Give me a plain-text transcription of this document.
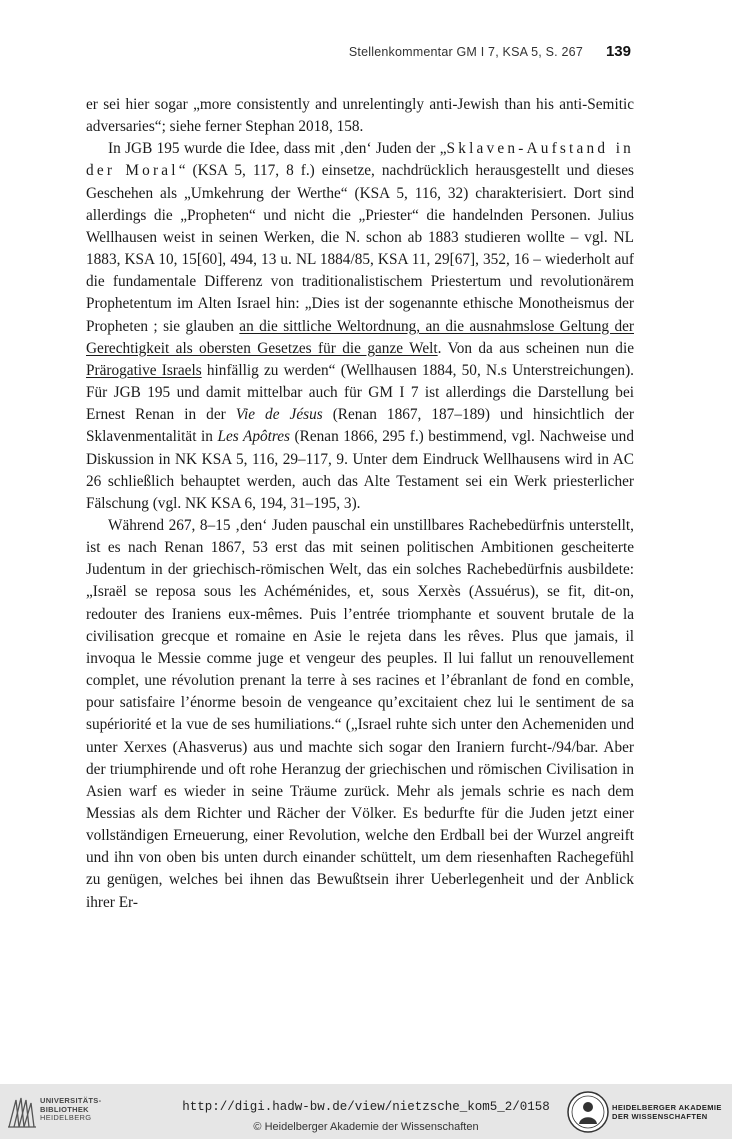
Stellenkommentar GM I 7, KSA 5, S. 267 139

er sei hier sogar „more consistently and unrelentingly anti-Jewish than his anti-Semitic adversaries“; siehe ferner Stephan 2018, 158.

In JGB 195 wurde die Idee, dass mit ‚den‘ Juden der „Sklaven-Aufstand in der Moral“ (KSA 5, 117, 8 f.) einsetze, nachdrücklich herausgestellt und dieses Geschehen als „Umkehrung der Werthe“ (KSA 5, 116, 32) charakterisiert. Dort sind allerdings die „Propheten“ und nicht die „Priester“ die handelnden Personen. Julius Wellhausen weist in seinen Werken, die N. schon ab 1883 studieren wollte – vgl. NL 1883, KSA 10, 15[60], 494, 13 u. NL 1884/85, KSA 11, 29[67], 352, 16 – wiederholt auf die fundamentale Differenz von traditionalistischem Priestertum und revolutionärem Prophetentum im Alten Israel hin: „Dies ist der sogenannte ethische Monotheismus der Propheten ; sie glauben an die sittliche Weltordnung, an die ausnahmslose Geltung der Gerechtigkeit als obersten Gesetzes für die ganze Welt. Von da aus scheinen nun die Prärogative Israels hinfällig zu werden“ (Wellhausen 1884, 50, N.s Unterstreichungen). Für JGB 195 und damit mittelbar auch für GM I 7 ist allerdings die Darstellung bei Ernest Renan in der Vie de Jésus (Renan 1867, 187–189) und hinsichtlich der Sklavenmentalität in Les Apôtres (Renan 1866, 295 f.) bestimmend, vgl. Nachweise und Diskussion in NK KSA 5, 116, 29–117, 9. Unter dem Eindruck Wellhausens wird in AC 26 schließlich behauptet werden, auch das Alte Testament sei ein Werk priesterlicher Fälschung (vgl. NK KSA 6, 194, 31–195, 3).

Während 267, 8–15 ‚den‘ Juden pauschal ein unstillbares Rachebedürfnis unterstellt, ist es nach Renan 1867, 53 erst das mit seinen politischen Ambitionen gescheiterte Judentum in der griechisch-römischen Welt, das ein solches Rachebedürfnis ausbildete: „Israël se reposa sous les Achéménides, et, sous Xerxès (Assuérus), se fit, dit-on, redouter des Iraniens eux-mêmes. Puis l’entrée triomphante et souvent brutale de la civilisation grecque et romaine en Asie le rejeta dans les rêves. Plus que jamais, il invoqua le Messie comme juge et vengeur des peuples. Il lui fallut un renouvellement complet, une révolution prenant la terre à ses racines et l’ébranlant de fond en comble, pour satisfaire l’énorme besoin de vengeance qu’excitaient chez lui le sentiment de sa supériorité et la vue de ses humiliations.“ („Israel ruhte sich unter den Achemeniden und unter Xerxes (Ahasverus) aus und machte sich sogar den Iraniern furcht-/94/bar. Aber der triumphirende und oft rohe Heranzug der griechischen und römischen Civilisation in Asien warf es wieder in seine Träume zurück. Mehr als jemals schrie es nach dem Messias als dem Richter und Rächer der Völker. Es bedurfte für die Juden jetzt einer vollständigen Erneuerung, einer Revolution, welche den Erdball bei der Wurzel angreift und ihn von oben bis unten durch einander schüttelt, um dem riesenhaften Rachegefühl zu genügen, welches bei ihnen das Bewußtsein ihrer Ueberlegenheit und der Anblick ihrer Er-

UNIVERSITÄTS-
BIBLIOTHEK
HEIDELBERG
http://digi.hadw-bw.de/view/nietzsche_kom5_2/0158
© Heidelberger Akademie der Wissenschaften
HEIDELBERGER AKADEMIE
DER WISSENSCHAFTEN
